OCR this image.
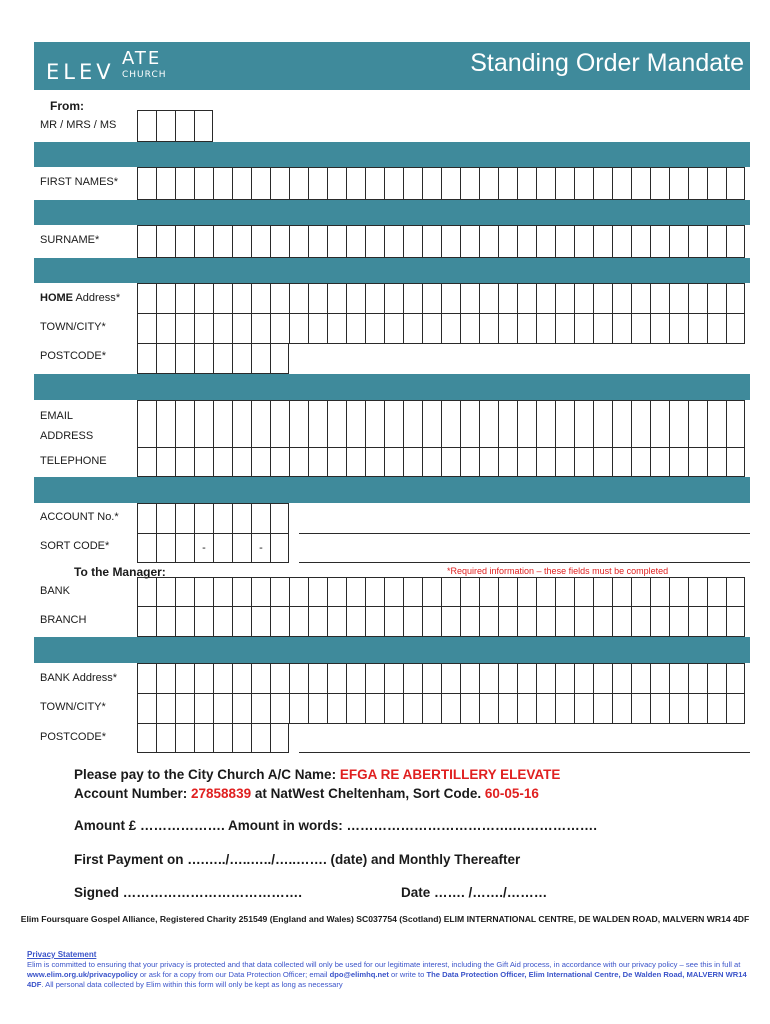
ELEV
ATE
CHURCH	Standing Order Mandate
From:
MR / MRS / MS
FIRST NAMES*
SURNAME*
HOME Address*
TOWN/CITY*
POSTCODE*
EMAIL
ADDRESS
TELEPHONE
ACCOUNT No.*
SORT CODE*	-	-
To the Manager:	*Required information – these fields must be completed
BANK
BRANCH
BANK Address*
TOWN/CITY*
POSTCODE*
Please pay to the City Church A/C Name: EFGA RE ABERTILLERY ELEVATE
Account Number: 27858839 at NatWest Cheltenham, Sort Code. 60-05-16
Amount £ ………………. Amount in words: ……………………………….……………….
First Payment on ….…../…..…../…..……. (date) and Monthly Thereafter
Signed ………………………………….	Date ……. /……./………
Elim Foursquare Gospel Alliance, Registered Charity 251549 (England and Wales) SC037754 (Scotland) ELIM INTERNATIONAL CENTRE, DE WALDEN ROAD, MALVERN WR14 4DF
Privacy Statement
Elim is committed to ensuring that your privacy is protected and that data collected will only be used for our legitimate interest, including the Gift Aid process, in accordance with our privacy policy – see this in full at www.elim.org.uk/privacypolicy or ask for a copy from our Data Protection Officer; email dpo@elimhq.net or write to The Data Protection Officer, Elim International Centre, De Walden Road, MALVERN WR14 4DF. All personal data collected by Elim within this form will only be kept as long as necessary
